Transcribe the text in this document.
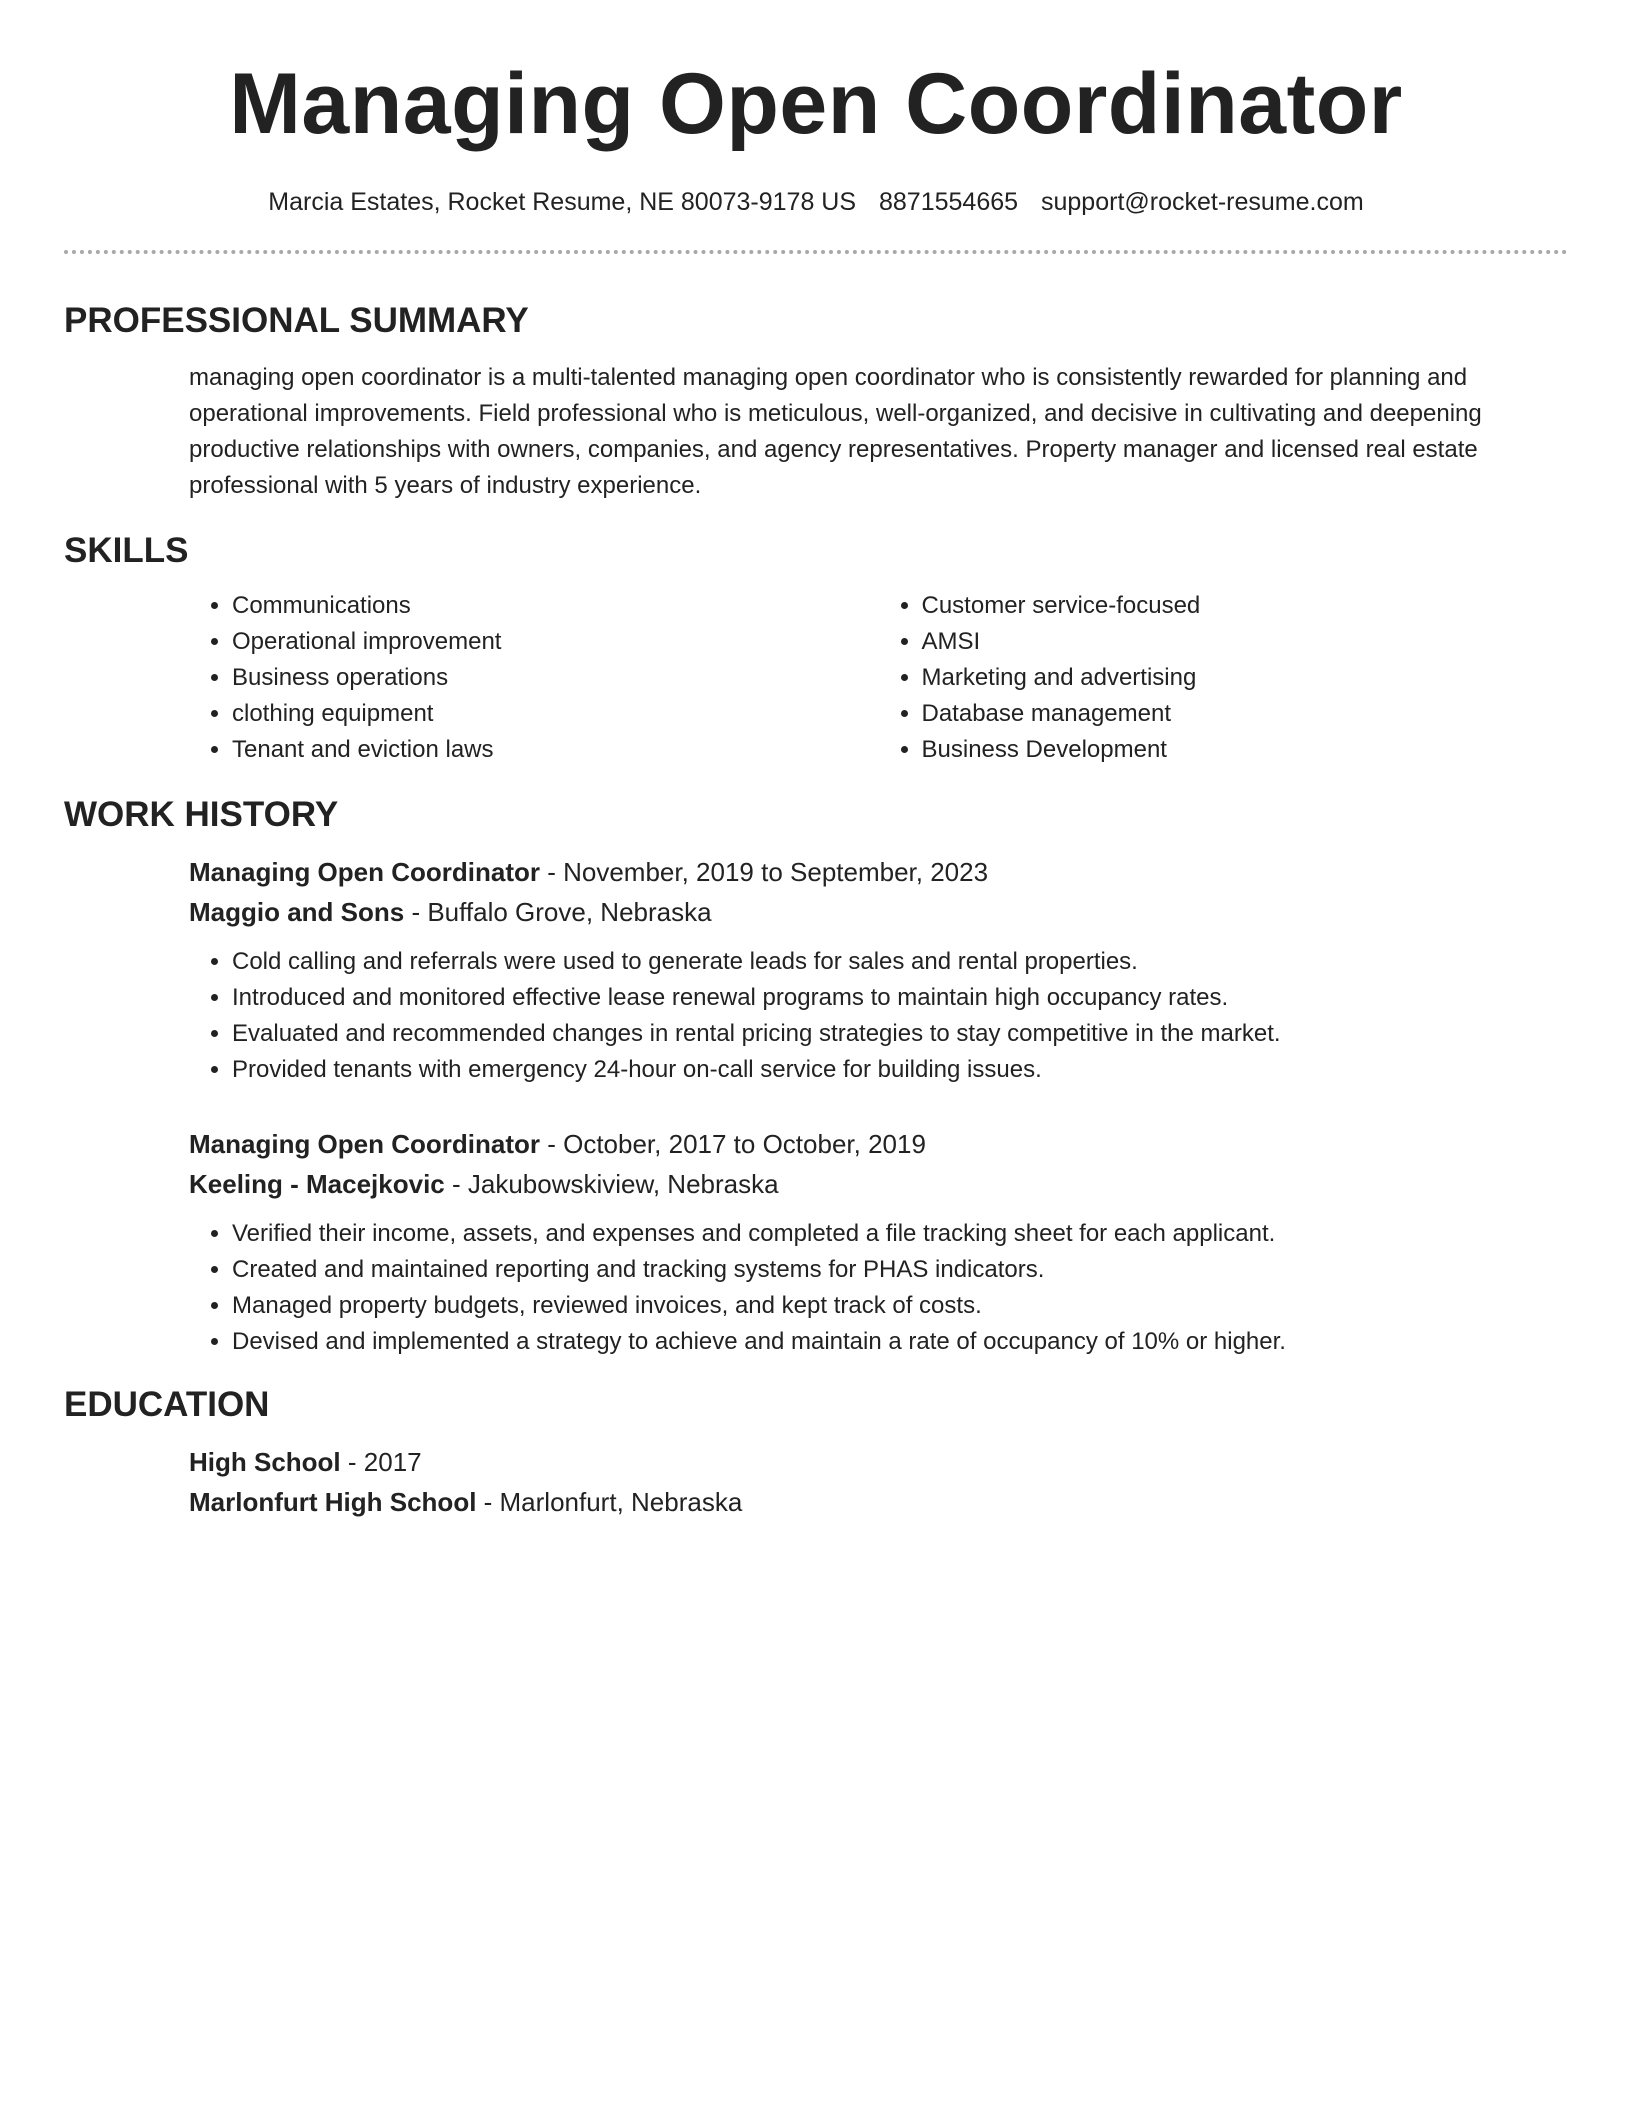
Managing Open Coordinator
Marcia Estates, Rocket Resume, NE 80073-9178 US 8871554665 support@rocket-resume.com
PROFESSIONAL SUMMARY
managing open coordinator is a multi-talented managing open coordinator who is consistently rewarded for planning and operational improvements. Field professional who is meticulous, well-organized, and decisive in cultivating and deepening productive relationships with owners, companies, and agency representatives. Property manager and licensed real estate professional with 5 years of industry experience.
SKILLS
• Communications
• Operational improvement
• Business operations
• clothing equipment
• Tenant and eviction laws
• Customer service-focused
• AMSI
• Marketing and advertising
• Database management
• Business Development
WORK HISTORY
Managing Open Coordinator - November, 2019 to September, 2023
Maggio and Sons - Buffalo Grove, Nebraska
• Cold calling and referrals were used to generate leads for sales and rental properties.
• Introduced and monitored effective lease renewal programs to maintain high occupancy rates.
• Evaluated and recommended changes in rental pricing strategies to stay competitive in the market.
• Provided tenants with emergency 24-hour on-call service for building issues.
Managing Open Coordinator - October, 2017 to October, 2019
Keeling - Macejkovic - Jakubowskiview, Nebraska
• Verified their income, assets, and expenses and completed a file tracking sheet for each applicant.
• Created and maintained reporting and tracking systems for PHAS indicators.
• Managed property budgets, reviewed invoices, and kept track of costs.
• Devised and implemented a strategy to achieve and maintain a rate of occupancy of 10% or higher.
EDUCATION
High School - 2017
Marlonfurt High School - Marlonfurt, Nebraska
